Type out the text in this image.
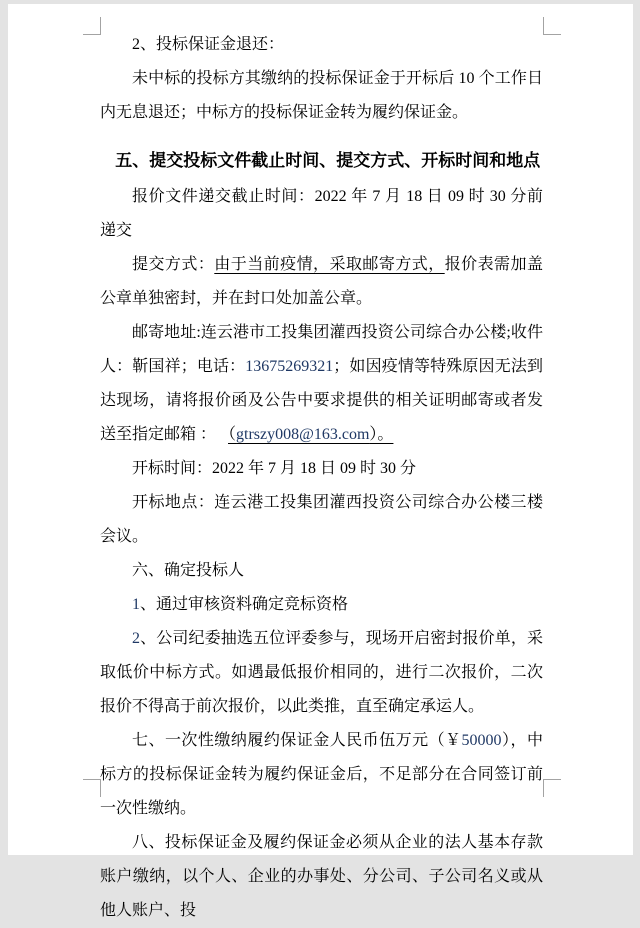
2、投标保证金退还：

未中标的投标方其缴纳的投标保证金于开标后 10 个工作日内无息退还；中标方的投标保证金转为履约保证金。

五、提交投标文件截止时间、提交方式、开标时间和地点

报价文件递交截止时间：2022 年 7 月 18 日 09 时 30 分前递交

提交方式：由于当前疫情，采取邮寄方式，报价表需加盖公章单独密封，并在封口处加盖公章。

邮寄地址:连云港市工投集团灌西投资公司综合办公楼;收件人：靳国祥；电话：13675269321；如因疫情等特殊原因无法到达现场，请将报价函及公告中要求提供的相关证明邮寄或者发送至指定邮箱 ： （gtrszy008@163.com）。

开标时间：2022 年 7 月 18 日 09 时 30 分

开标地点：连云港工投集团灌西投资公司综合办公楼三楼会议。

六、确定投标人

1、通过审核资料确定竞标资格

2、公司纪委抽选五位评委参与，现场开启密封报价单，采取低价中标方式。如遇最低报价相同的，进行二次报价，二次报价不得高于前次报价，以此类推，直至确定承运人。

七、一次性缴纳履约保证金人民币伍万元（￥50000），中标方的投标保证金转为履约保证金后，不足部分在合同签订前一次性缴纳。

八、投标保证金及履约保证金必须从企业的法人基本存款账户缴纳，以个人、企业的办事处、分公司、子公司名义或从他人账户、投
